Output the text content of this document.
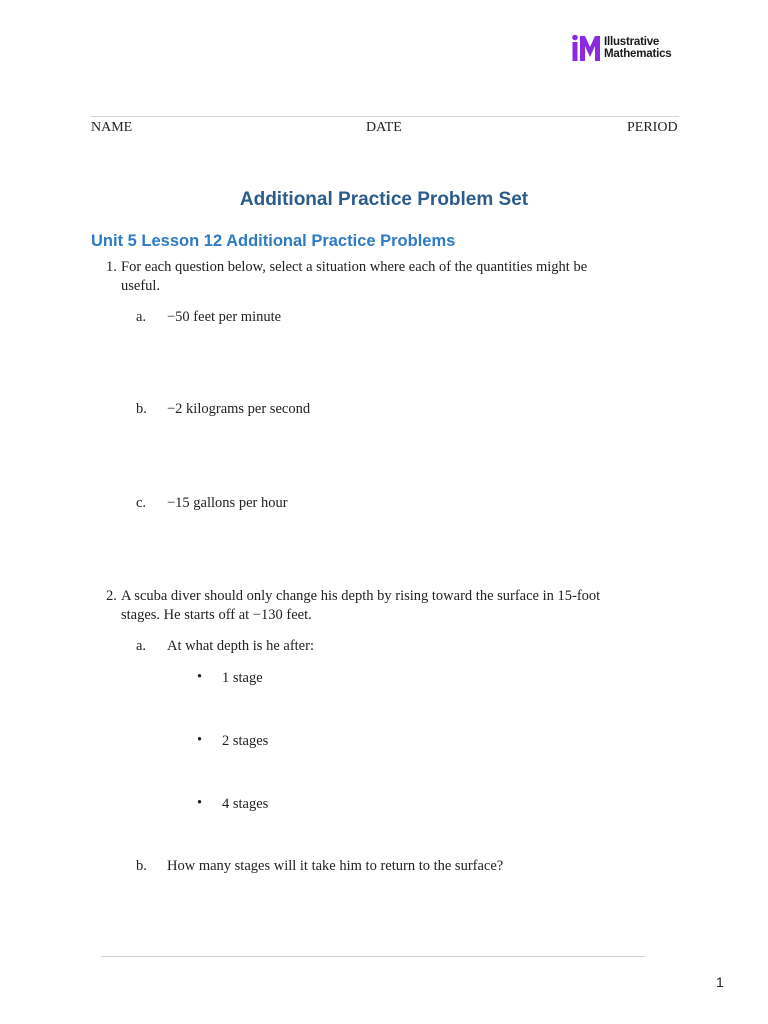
Illustrative
Mathematics
NAME	DATE	PERIOD
Additional Practice Problem Set
Unit 5 Lesson 12 Additional Practice Problems
1. For each question below, select a situation where each of the quantities might be
useful.
a. −50 feet per minute
b. −2 kilograms per second
c. −15 gallons per hour
2. A scuba diver should only change his depth by rising toward the surface in 15-foot
stages. He starts off at −130 feet.
a. At what depth is he after:
• 1 stage
• 2 stages
• 4 stages
b. How many stages will it take him to return to the surface?
1
